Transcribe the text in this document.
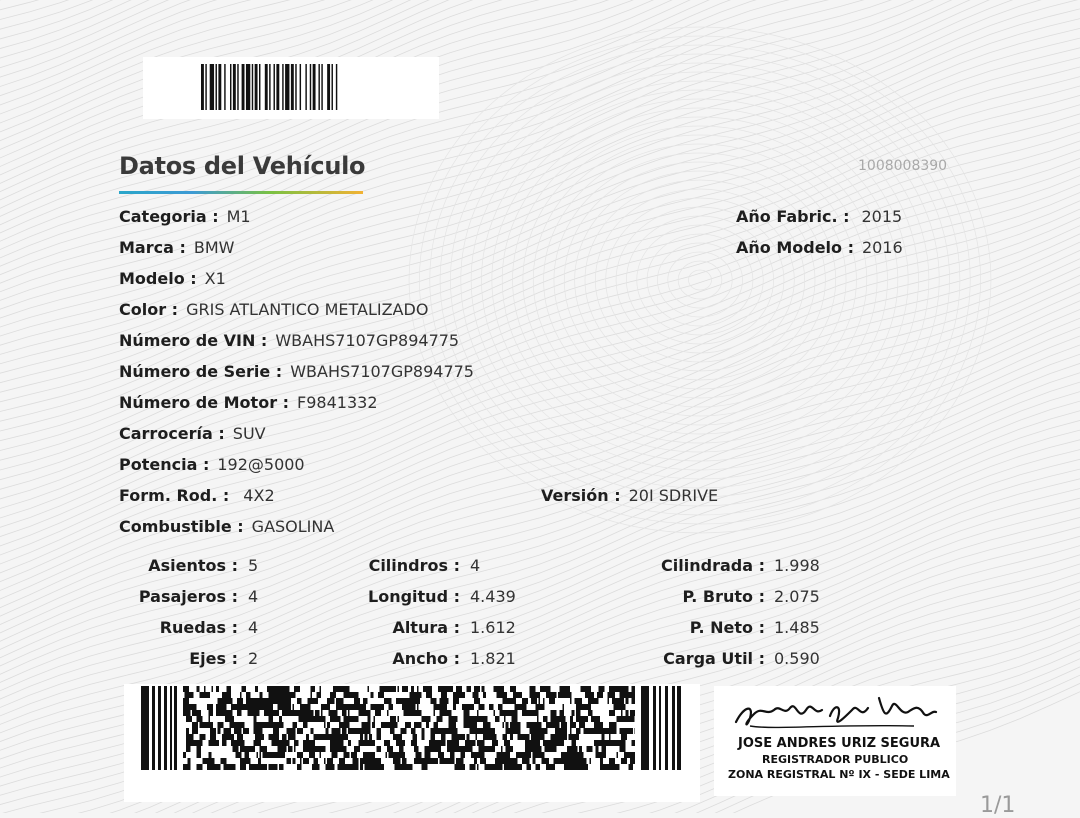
Datos del Vehículo	1008008390
Categoria : M1
Marca : BMW
Modelo : X1
Color : GRIS ATLANTICO METALIZADO
Número de VIN : WBAHS7107GP894775
Número de Serie : WBAHS7107GP894775
Número de Motor : F9841332
Carrocería : SUV
Potencia : 192@5000
Form. Rod. : 4X2
Combustible : GASOLINA
Año Fabric. : 2015
Año Modelo : 2016
Versión : 20I SDRIVE
Asientos : 5
Pasajeros : 4
Ruedas : 4
Ejes : 2
Cilindros : 4
Longitud : 4.439
Altura : 1.612
Ancho : 1.821
Cilindrada : 1.998
P. Bruto : 2.075
P. Neto : 1.485
Carga Util : 0.590
JOSE ANDRES URIZ SEGURA
REGISTRADOR PUBLICO
ZONA REGISTRAL Nº IX - SEDE LIMA
1/1
